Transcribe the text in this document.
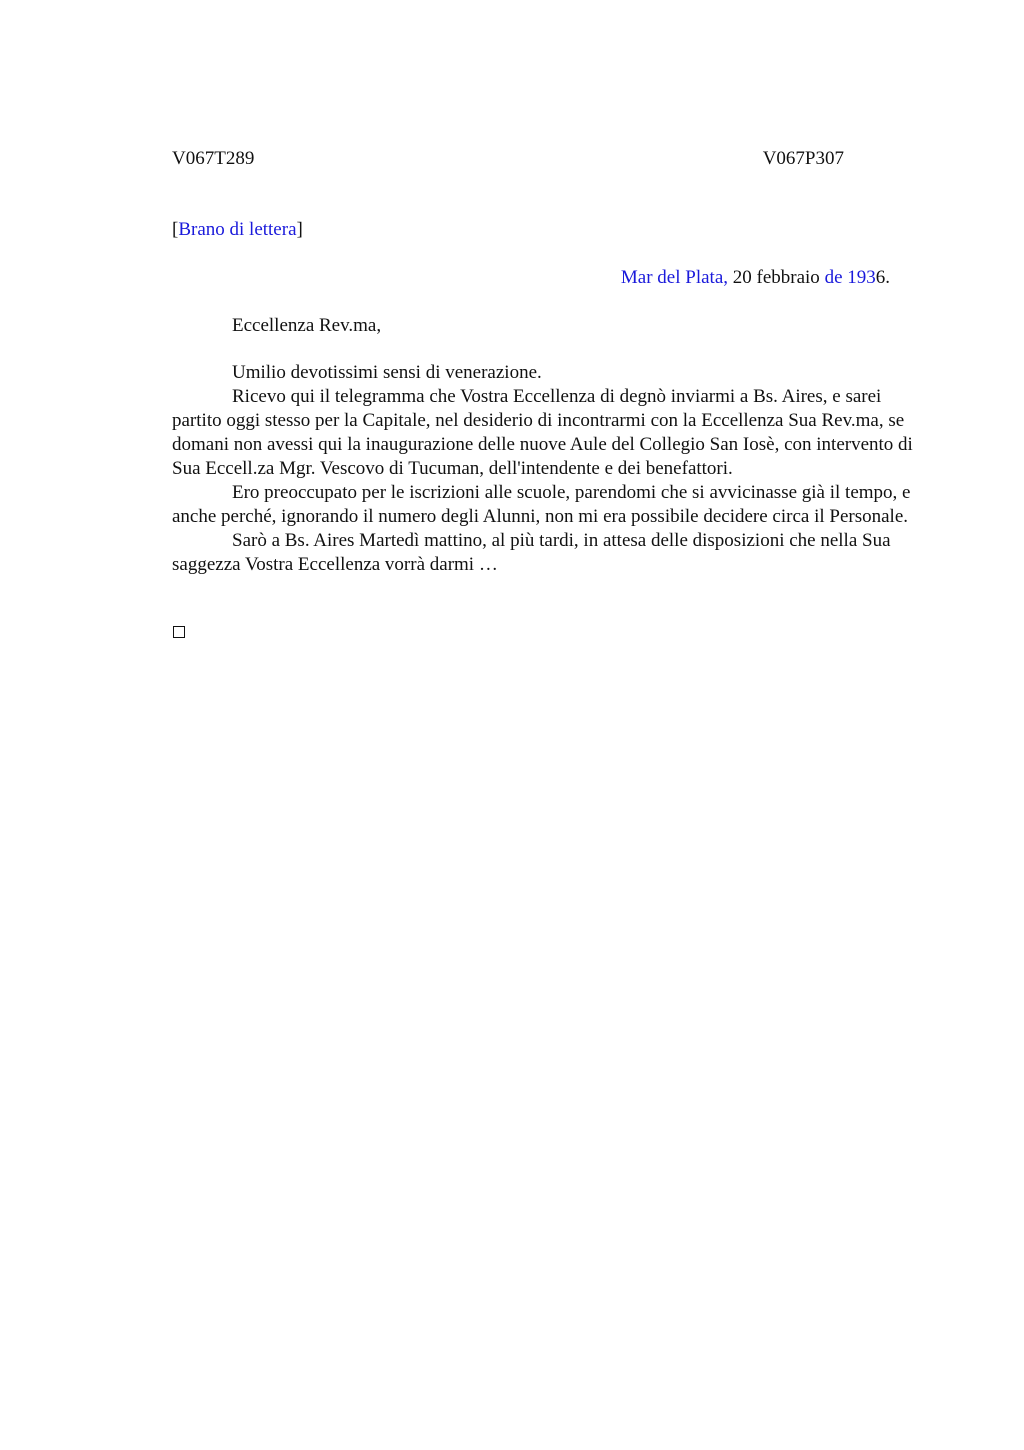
V067T289	V067P307
[Brano di lettera]
Mar del Plata, 20 febbraio de 1936.
Eccellenza Rev.ma,

Umilio devotissimi sensi di venerazione.

Ricevo qui il telegramma che Vostra Eccellenza di degnò inviarmi a Bs. Aires, e sarei partito oggi stesso per la Capitale, nel desiderio di incontrarmi con la Eccellenza Sua Rev.ma, se domani non avessi qui la inaugurazione delle nuove Aule del Collegio San Iosè, con intervento di Sua Eccell.za Mgr. Vescovo di Tucuman, dell'intendente e dei benefattori.

Ero preoccupato per le iscrizioni alle scuole, parendomi che si avvicinasse già il tempo, e anche perché, ignorando il numero degli Alunni, non mi era possibile decidere circa il Personale.

Sarò a Bs. Aires Martedì mattino, al più tardi, in attesa delle disposizioni che nella Sua saggezza Vostra Eccellenza vorrà darmi …
